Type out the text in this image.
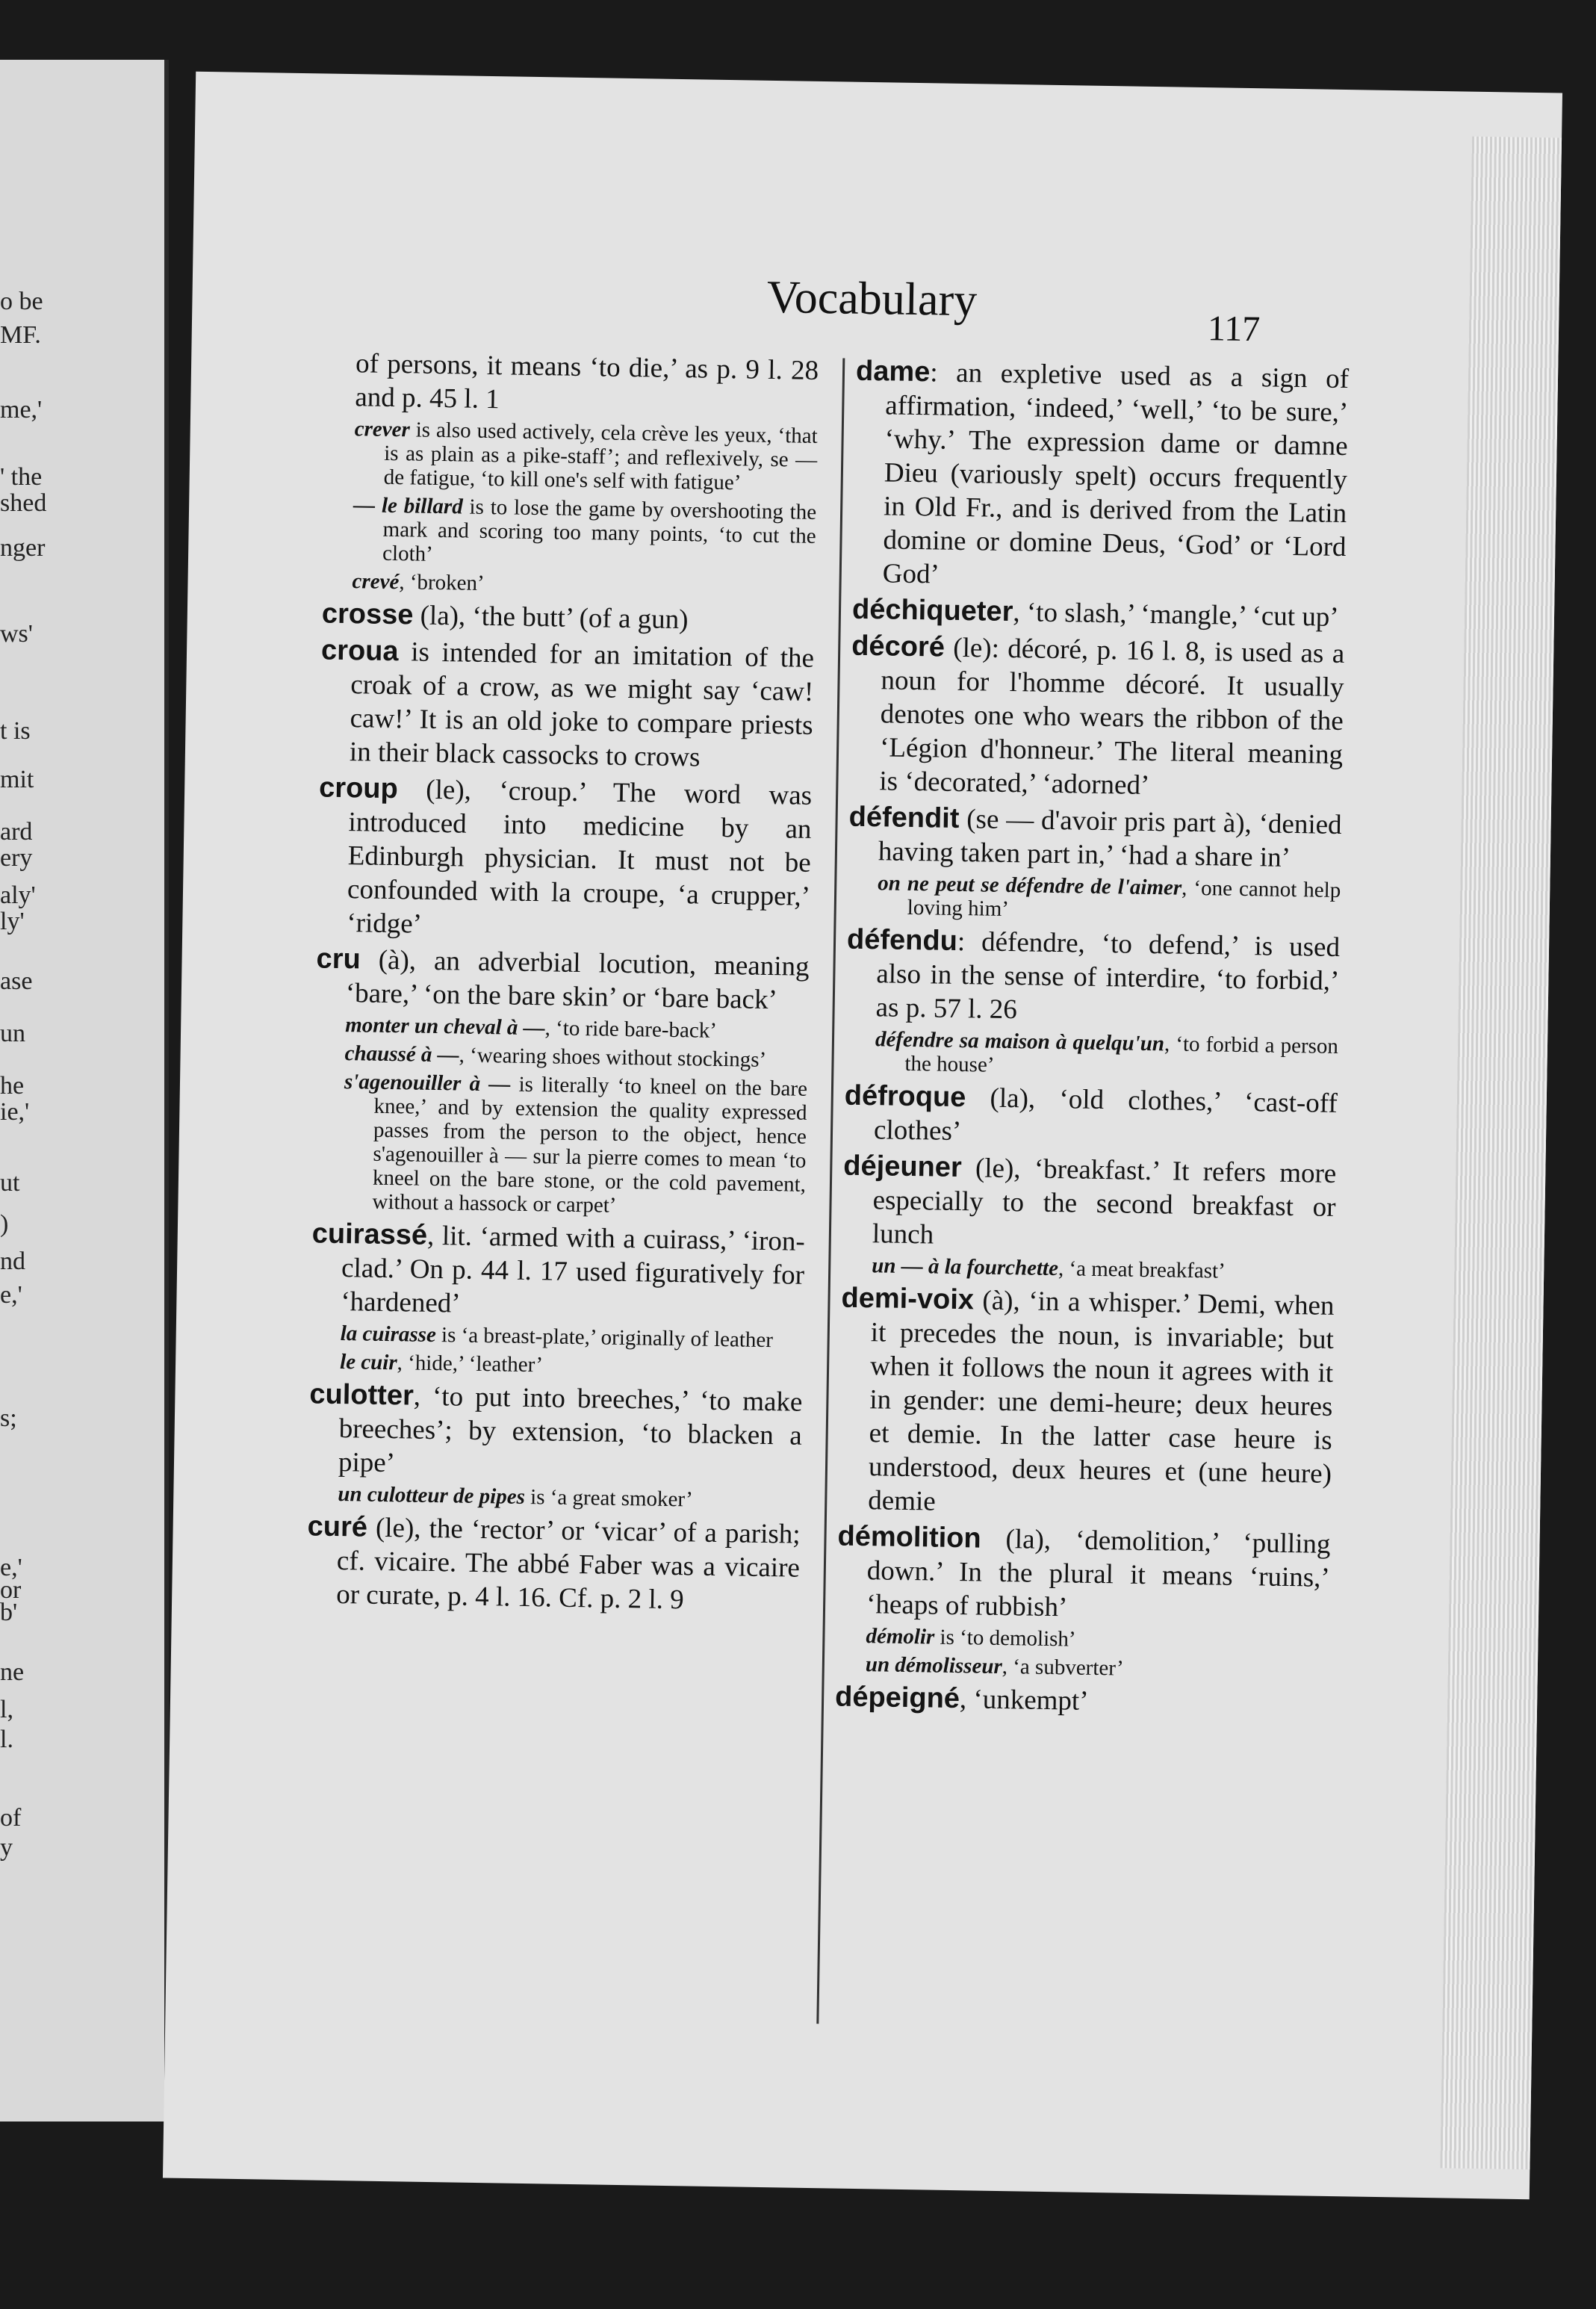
o be
MF.
me,'
' the
shed
nger
ws'
t is
mit
ard
ery
aly'
ly'
ase
un
he
ie,'
ut
)
nd
e,'
s;
e,'
or
b'
ne
l,
l.
of
y
Vocabulary
117
of persons, it means ‘to die,’ as p. 9 l. 28 and p. 45 l. 1
crever is also used actively, cela crève les yeux, ‘that is as plain as a pike-staff’; and reflexively, se — de fatigue, ‘to kill one's self with fatigue’
— le billard is to lose the game by overshooting the mark and scoring too many points, ‘to cut the cloth’
crevé, ‘broken’
crosse (la), ‘the butt’ (of a gun)
croua is intended for an imitation of the croak of a crow, as we might say ‘caw! caw!’ It is an old joke to compare priests in their black cassocks to crows
croup (le), ‘croup.’ The word was introduced into medicine by an Edinburgh physician. It must not be confounded with la croupe, ‘a crupper,’ ‘ridge’
cru (à), an adverbial locution, meaning ‘bare,’ ‘on the bare skin’ or ‘bare back’
monter un cheval à —, ‘to ride bare-back’
chaussé à —, ‘wearing shoes without stockings’
s'agenouiller à — is literally ‘to kneel on the bare knee,’ and by extension the quality expressed passes from the person to the object, hence s'agenouiller à — sur la pierre comes to mean ‘to kneel on the bare stone, or the cold pavement, without a hassock or carpet’
cuirassé, lit. ‘armed with a cuirass,’ ‘iron-clad.’ On p. 44 l. 17 used figuratively for ‘hardened’
la cuirasse is ‘a breast-plate,’ originally of leather
le cuir, ‘hide,’ ‘leather’
culotter, ‘to put into breeches,’ ‘to make breeches’; by extension, ‘to blacken a pipe’
un culotteur de pipes is ‘a great smoker’
curé (le), the ‘rector’ or ‘vicar’ of a parish; cf. vicaire. The abbé Faber was a vicaire or curate, p. 4 l. 16. Cf. p. 2 l. 9
dame: an expletive used as a sign of affirmation, ‘indeed,’ ‘well,’ ‘to be sure,’ ‘why.’ The expression dame or damne Dieu (variously spelt) occurs frequently in Old Fr., and is derived from the Latin domine or domine Deus, ‘God’ or ‘Lord God’
déchiqueter, ‘to slash,’ ‘mangle,’ ‘cut up’
décoré (le): décoré, p. 16 l. 8, is used as a noun for l'homme décoré. It usually denotes one who wears the ribbon of the ‘Légion d'honneur.’ The literal meaning is ‘decorated,’ ‘adorned’
défendit (se — d'avoir pris part à), ‘denied having taken part in,’ ‘had a share in’
on ne peut se défendre de l'aimer, ‘one cannot help loving him’
défendu: défendre, ‘to defend,’ is used also in the sense of interdire, ‘to forbid,’ as p. 57 l. 26
défendre sa maison à quelqu'un, ‘to forbid a person the house’
défroque (la), ‘old clothes,’ ‘cast-off clothes’
déjeuner (le), ‘breakfast.’ It refers more especially to the second breakfast or lunch
un — à la fourchette, ‘a meat breakfast’
demi-voix (à), ‘in a whisper.’ Demi, when it precedes the noun, is invariable; but when it follows the noun it agrees with it in gender: une demi-heure; deux heures et demie. In the latter case heure is understood, deux heures et (une heure) demie
démolition (la), ‘demolition,’ ‘pulling down.’ In the plural it means ‘ruins,’ ‘heaps of rubbish’
démolir is ‘to demolish’
un démolisseur, ‘a subverter’
dépeigné, ‘unkempt’
